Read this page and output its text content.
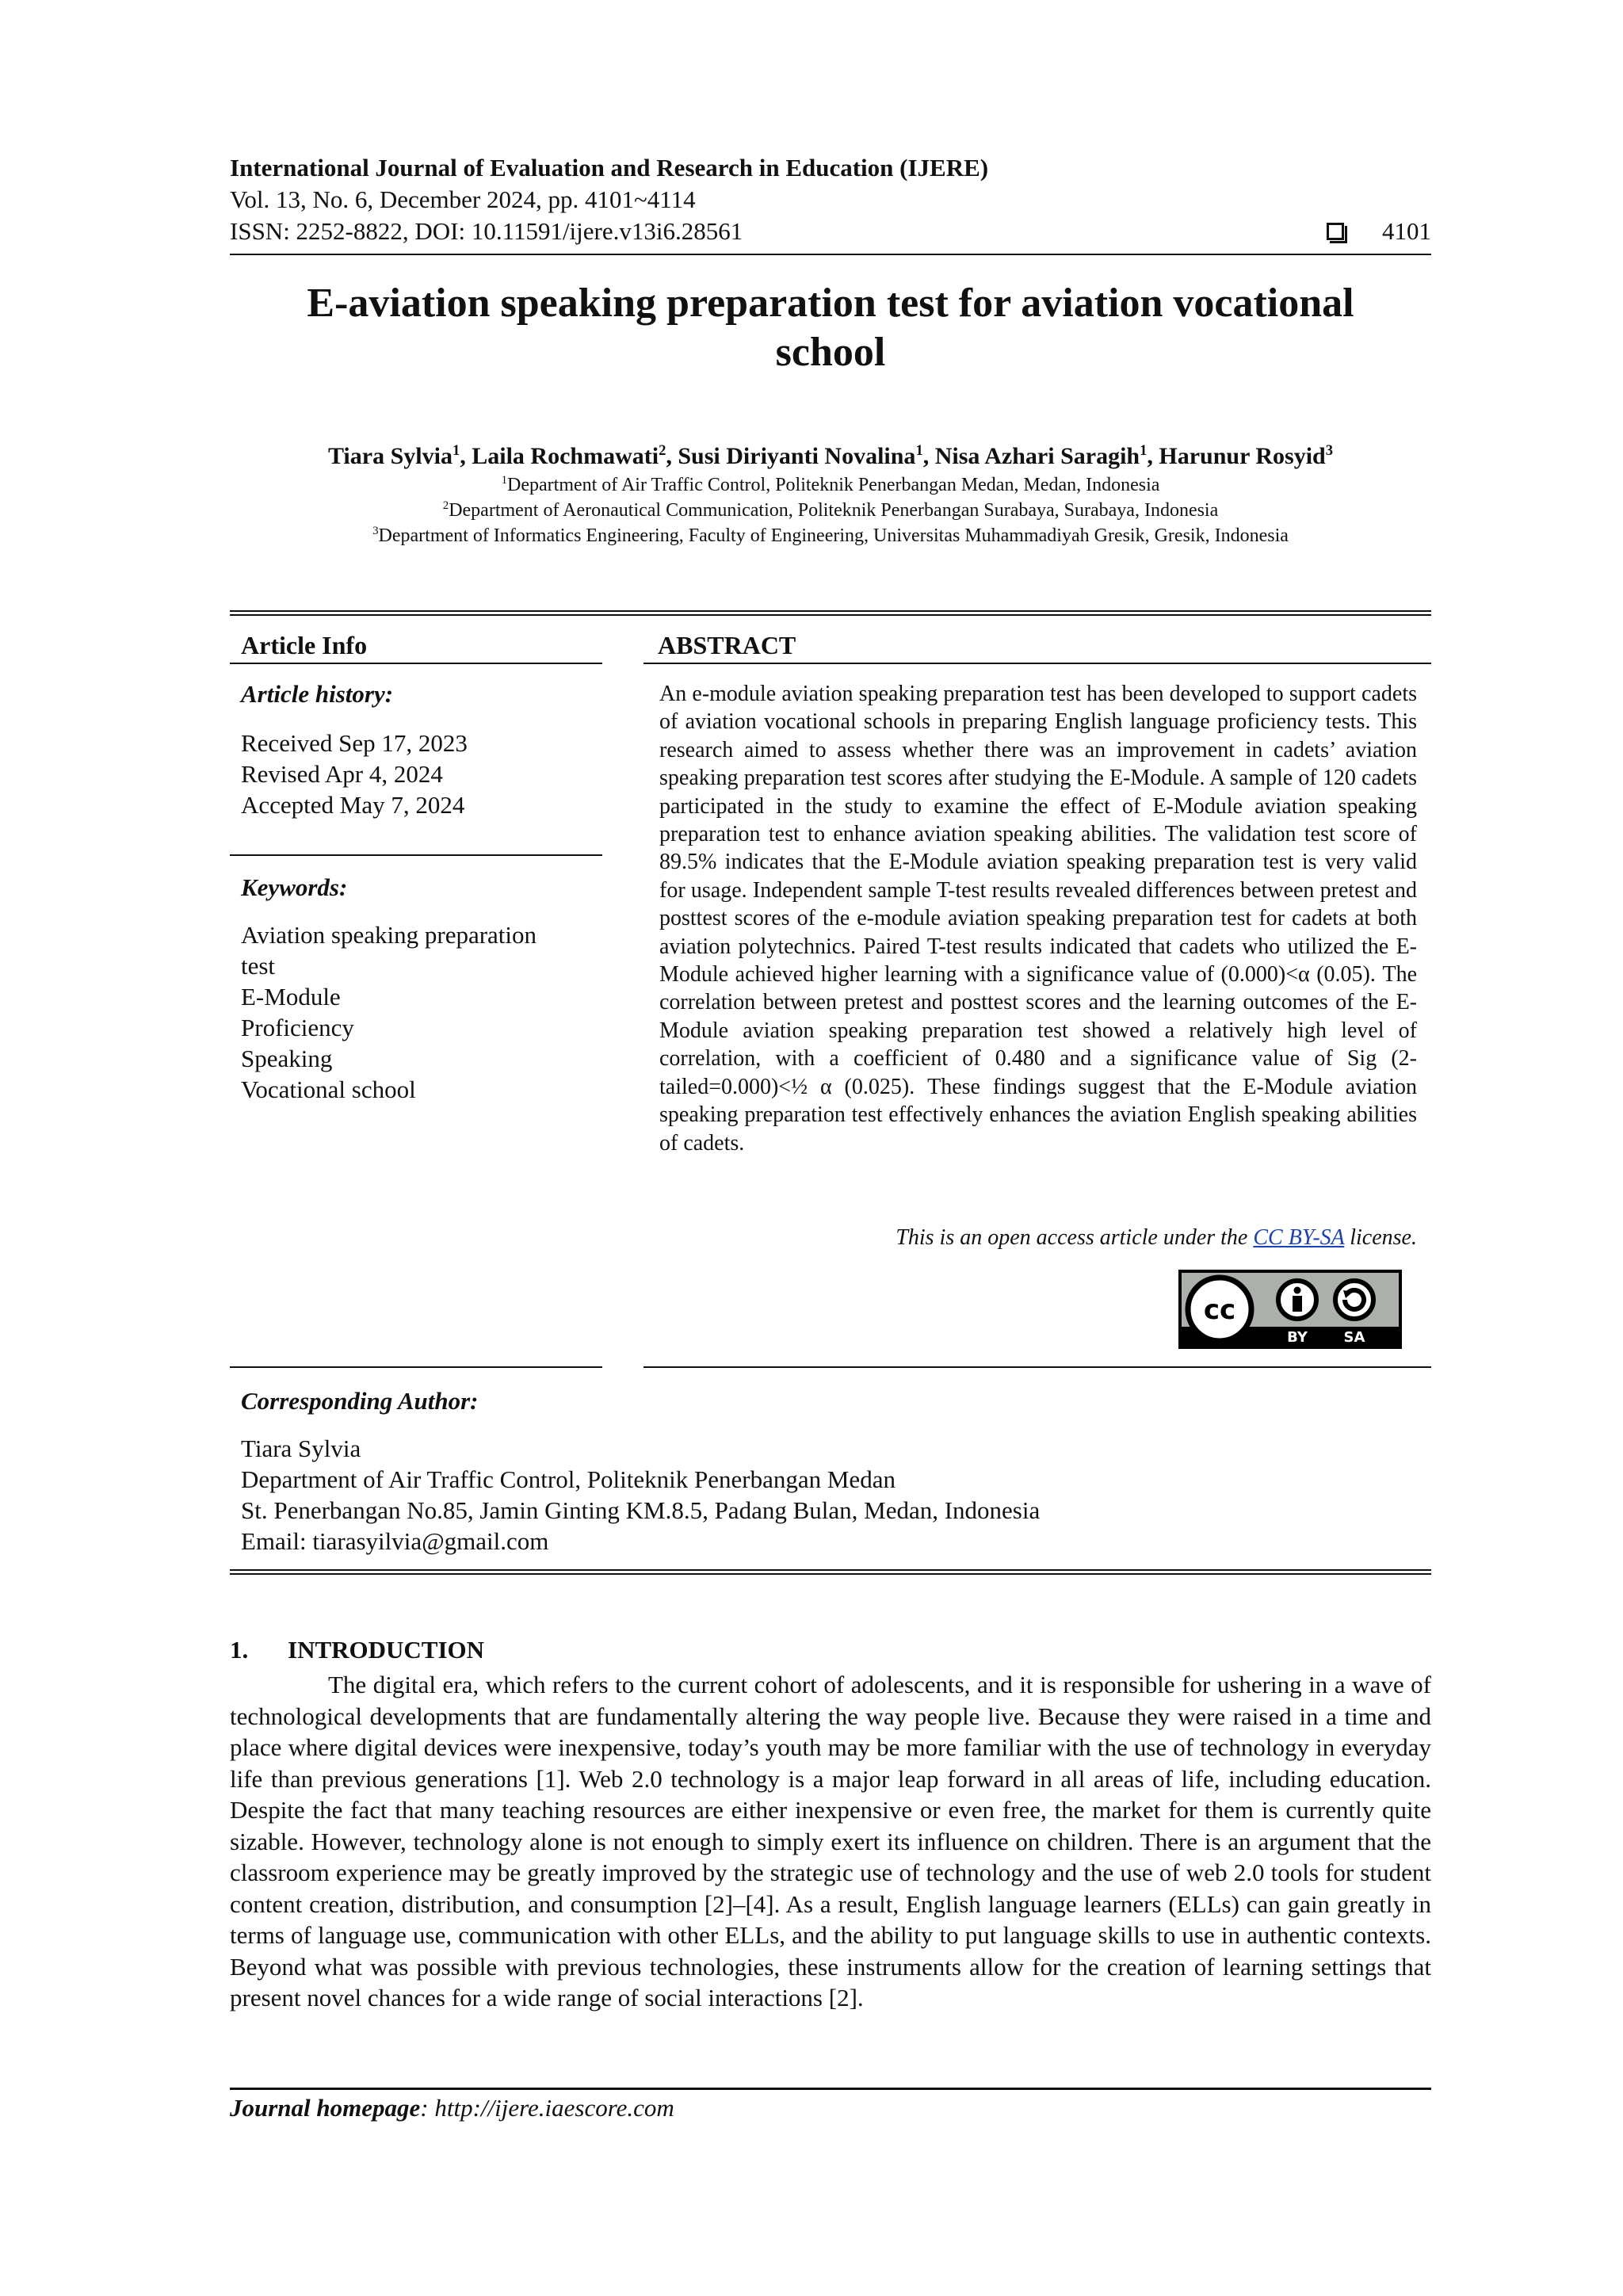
International Journal of Evaluation and Research in Education (IJERE)
Vol. 13, No. 6, December 2024, pp. 4101~4114
ISSN: 2252-8822, DOI: 10.11591/ijere.v13i6.28561	4101
E-aviation speaking preparation test for aviation vocational
school
Tiara Sylvia$^1$, Laila Rochmawati$^2$, Susi Diriyanti Novalina$^1$, Nisa Azhari Saragih$^1$, Harunur Rosyid$^3$
$^1$Department of Air Traffic Control, Politeknik Penerbangan Medan, Medan, Indonesia
$^2$Department of Aeronautical Communication, Politeknik Penerbangan Surabaya, Surabaya, Indonesia
$^3$Department of Informatics Engineering, Faculty of Engineering, Universitas Muhammadiyah Gresik, Gresik, Indonesia
Article Info	ABSTRACT
Article history:
Received Sep 17, 2023
Revised Apr 4, 2024
Accepted May 7, 2024
Keywords:
Aviation speaking preparation
test
E-Module
Proficiency
Speaking
Vocational school
An e-module aviation speaking preparation test has been developed to support cadets of aviation vocational schools in preparing English language proficiency tests. This research aimed to assess whether there was an improvement in cadets’ aviation speaking preparation test scores after studying the E-Module. A sample of 120 cadets participated in the study to examine the effect of E-Module aviation speaking preparation test to enhance aviation speaking abilities. The validation test score of 89.5% indicates that the E-Module aviation speaking preparation test is very valid for usage. Independent sample T-test results revealed differences between pretest and posttest scores of the e-module aviation speaking preparation test for cadets at both aviation polytechnics. Paired T-test results indicated that cadets who utilized the E-Module achieved higher learning with a significance value of (0.000)<α (0.05). The correlation between pretest and posttest scores and the learning outcomes of the E-Module aviation speaking preparation test showed a relatively high level of correlation, with a coefficient of 0.480 and a significance value of Sig (2-tailed=0.000)<½ α (0.025). These findings suggest that the E-Module aviation speaking preparation test effectively enhances the aviation English speaking abilities of cadets.
This is an open access article under the CC BY-SA license.
cc
BY	SA
Corresponding Author:
Tiara Sylvia
Department of Air Traffic Control, Politeknik Penerbangan Medan
St. Penerbangan No.85, Jamin Ginting KM.8.5, Padang Bulan, Medan, Indonesia
Email: tiarasyilvia@gmail.com
1. INTRODUCTION
The digital era, which refers to the current cohort of adolescents, and it is responsible for ushering in a wave of technological developments that are fundamentally altering the way people live. Because they were raised in a time and place where digital devices were inexpensive, today’s youth may be more familiar with the use of technology in everyday life than previous generations [1]. Web 2.0 technology is a major leap forward in all areas of life, including education. Despite the fact that many teaching resources are either inexpensive or even free, the market for them is currently quite sizable. However, technology alone is not enough to simply exert its influence on children. There is an argument that the classroom experience may be greatly improved by the strategic use of technology and the use of web 2.0 tools for student content creation, distribution, and consumption [2]–[4]. As a result, English language learners (ELLs) can gain greatly in terms of language use, communication with other ELLs, and the ability to put language skills to use in authentic contexts. Beyond what was possible with previous technologies, these instruments allow for the creation of learning settings that present novel chances for a wide range of social interactions [2].
Journal homepage: http://ijere.iaescore.com
